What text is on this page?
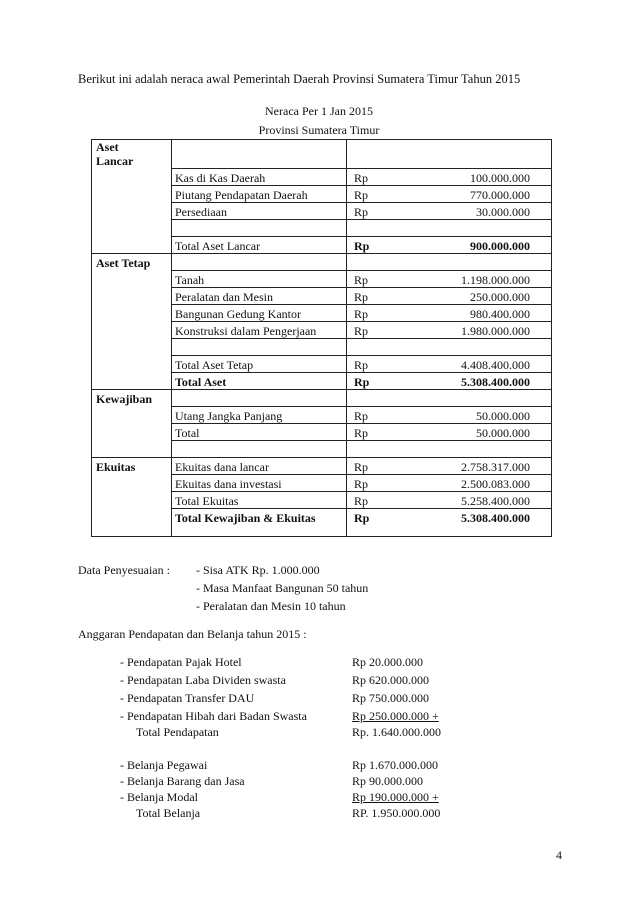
Berikut ini adalah neraca awal Pemerintah Daerah Provinsi Sumatera Timur Tahun 2015
Neraca Per 1 Jan 2015
Provinsi Sumatera Timur
Aset
Lancar
Kas di Kas Daerah	Rp	100.000.000
Piutang Pendapatan Daerah	Rp	770.000.000
Persediaan	Rp	30.000.000
Total Aset Lancar	Rp	900.000.000
Aset Tetap
Tanah	Rp	1.198.000.000
Peralatan dan Mesin	Rp	250.000.000
Bangunan Gedung Kantor	Rp	980.400.000
Konstruksi dalam Pengerjaan	Rp	1.980.000.000
Total Aset Tetap	Rp	4.408.400.000
Total Aset	Rp	5.308.400.000
Kewajiban
Utang Jangka Panjang	Rp	50.000.000
Total	Rp	50.000.000
Ekuitas	Ekuitas dana lancar	Rp	2.758.317.000
Ekuitas dana investasi	Rp	2.500.083.000
Total Ekuitas	Rp	5.258.400.000
Total Kewajiban & Ekuitas	Rp	5.308.400.000
Data Penyesuaian : - Sisa ATK Rp. 1.000.000
- Masa Manfaat Bangunan 50 tahun
- Peralatan dan Mesin 10 tahun
Anggaran Pendapatan dan Belanja tahun 2015 :
- Pendapatan Pajak Hotel	Rp 20.000.000
- Pendapatan Laba Dividen swasta	Rp 620.000.000
- Pendapatan Transfer DAU	Rp 750.000.000
- Pendapatan Hibah dari Badan Swasta	Rp 250.000.000 +
Total Pendapatan	Rp. 1.640.000.000
- Belanja Pegawai	Rp 1.670.000.000
- Belanja Barang dan Jasa	Rp 90.000.000
- Belanja Modal	Rp 190.000.000 +
Total Belanja	RP. 1.950.000.000
4
